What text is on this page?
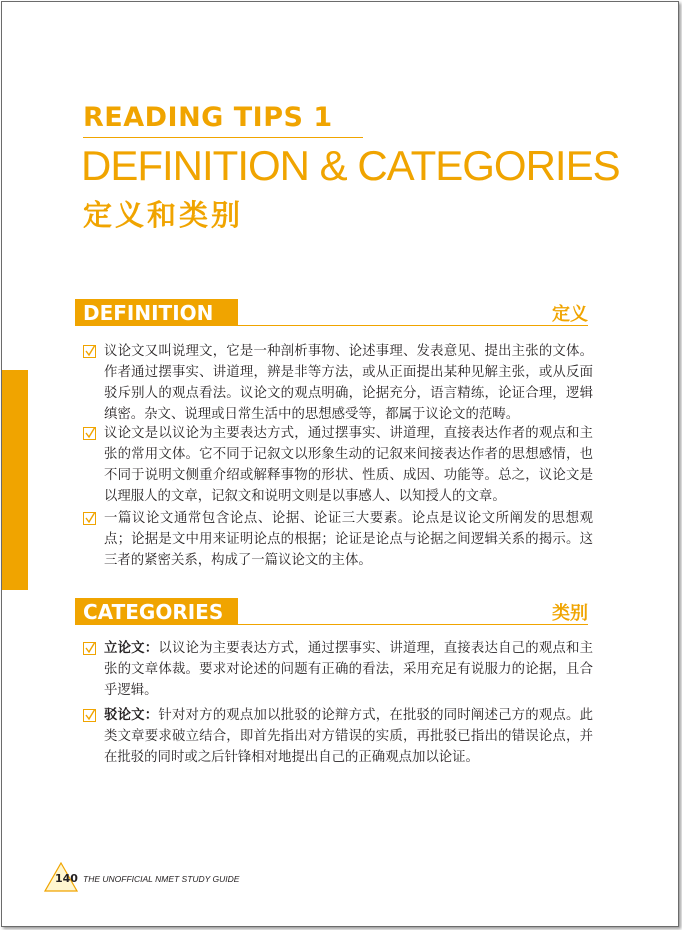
READING TIPS 1
DEFINITION & CATEGORIES
定义和类别
DEFINITION	定义
议论文又叫说理文，它是一种剖析事物、论述事理、发表意见、提出主张的文体。作者通过摆事实、讲道理，辨是非等方法，或从正面提出某种见解主张，或从反面驳斥别人的观点看法。议论文的观点明确，论据充分，语言精练，论证合理，逻辑缜密。杂文、说理或日常生活中的思想感受等，都属于议论文的范畴。
议论文是以议论为主要表达方式，通过摆事实、讲道理，直接表达作者的观点和主张的常用文体。它不同于记叙文以形象生动的记叙来间接表达作者的思想感情，也不同于说明文侧重介绍或解释事物的形状、性质、成因、功能等。总之，议论文是以理服人的文章，记叙文和说明文则是以事感人、以知授人的文章。
一篇议论文通常包含论点、论据、论证三大要素。论点是议论文所阐发的思想观点；论据是文中用来证明论点的根据；论证是论点与论据之间逻辑关系的揭示。这三者的紧密关系，构成了一篇议论文的主体。
CATEGORIES	类别
立论文：以议论为主要表达方式，通过摆事实、讲道理，直接表达自己的观点和主张的文章体裁。要求对论述的问题有正确的看法，采用充足有说服力的论据，且合乎逻辑。
驳论文：针对对方的观点加以批驳的论辩方式，在批驳的同时阐述己方的观点。此类文章要求破立结合，即首先指出对方错误的实质，再批驳已指出的错误论点，并在批驳的同时或之后针锋相对地提出自己的正确观点加以论证。
140 THE UNOFFICIAL NMET STUDY GUIDE
